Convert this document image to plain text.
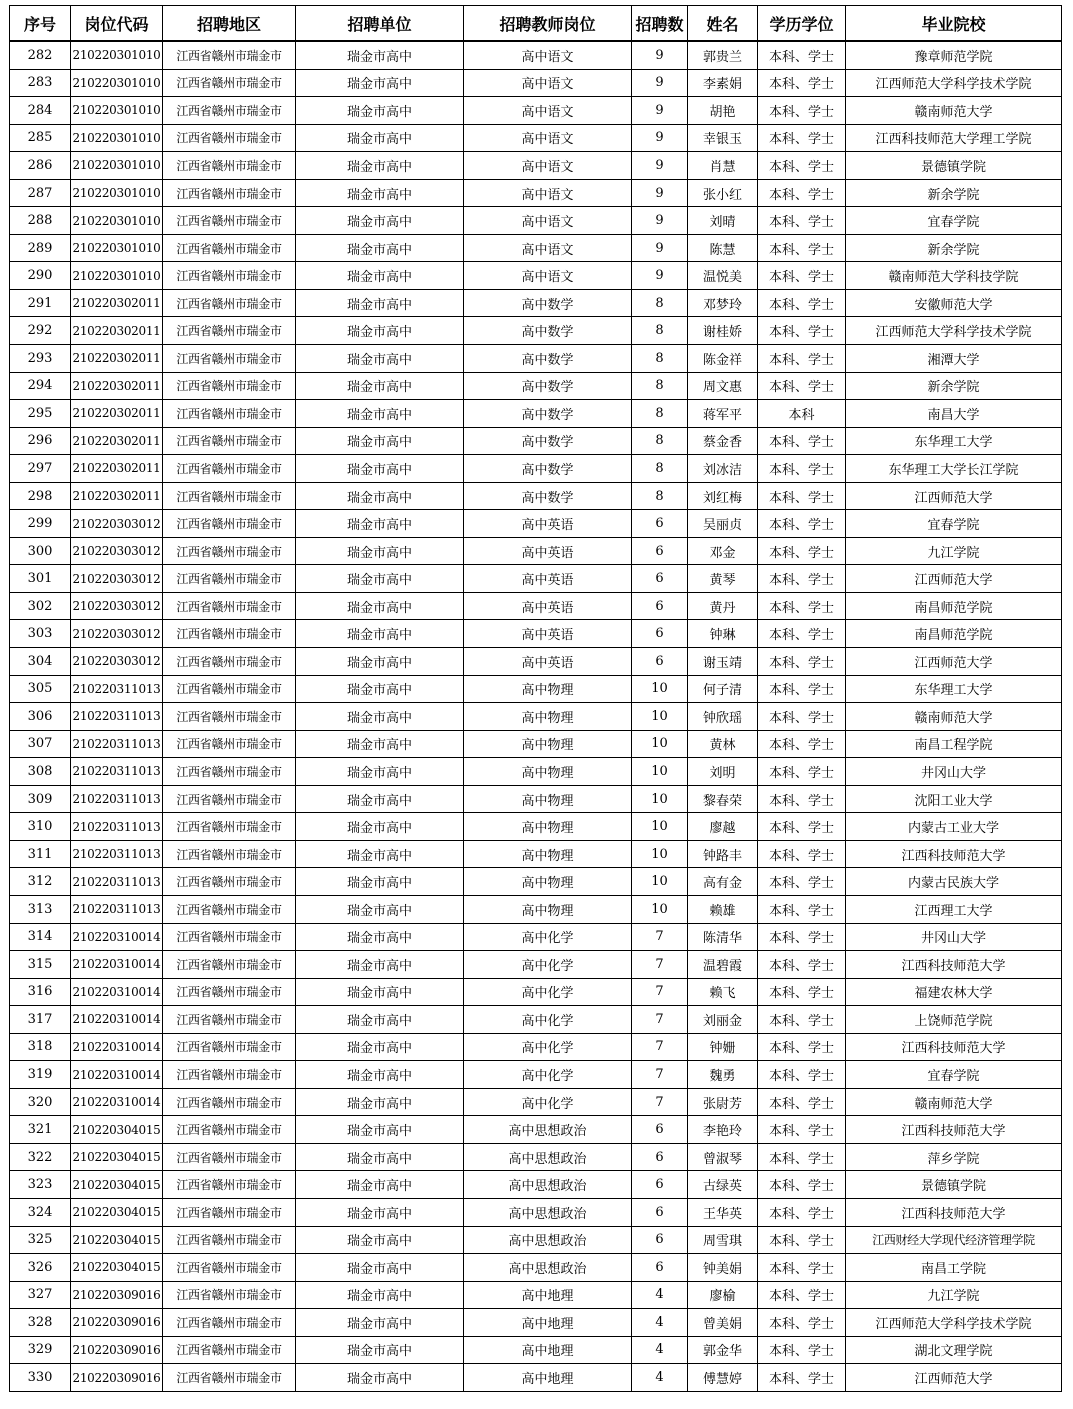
序号	岗位代码	招聘地区	招聘单位	招聘教师岗位	招聘数	姓名	学历学位	毕业院校
282	210220301010	江西省赣州市瑞金市	瑞金市高中	高中语文	9	郭贵兰	本科、学士	豫章师范学院
283	210220301010	江西省赣州市瑞金市	瑞金市高中	高中语文	9	李素娟	本科、学士	江西师范大学科学技术学院
284	210220301010	江西省赣州市瑞金市	瑞金市高中	高中语文	9	胡艳	本科、学士	赣南师范大学
285	210220301010	江西省赣州市瑞金市	瑞金市高中	高中语文	9	幸银玉	本科、学士	江西科技师范大学理工学院
286	210220301010	江西省赣州市瑞金市	瑞金市高中	高中语文	9	肖慧	本科、学士	景德镇学院
287	210220301010	江西省赣州市瑞金市	瑞金市高中	高中语文	9	张小红	本科、学士	新余学院
288	210220301010	江西省赣州市瑞金市	瑞金市高中	高中语文	9	刘晴	本科、学士	宜春学院
289	210220301010	江西省赣州市瑞金市	瑞金市高中	高中语文	9	陈慧	本科、学士	新余学院
290	210220301010	江西省赣州市瑞金市	瑞金市高中	高中语文	9	温悦美	本科、学士	赣南师范大学科技学院
291	210220302011	江西省赣州市瑞金市	瑞金市高中	高中数学	8	邓梦玲	本科、学士	安徽师范大学
292	210220302011	江西省赣州市瑞金市	瑞金市高中	高中数学	8	谢桂娇	本科、学士	江西师范大学科学技术学院
293	210220302011	江西省赣州市瑞金市	瑞金市高中	高中数学	8	陈金祥	本科、学士	湘潭大学
294	210220302011	江西省赣州市瑞金市	瑞金市高中	高中数学	8	周文惠	本科、学士	新余学院
295	210220302011	江西省赣州市瑞金市	瑞金市高中	高中数学	8	蒋军平	本科	南昌大学
296	210220302011	江西省赣州市瑞金市	瑞金市高中	高中数学	8	蔡金香	本科、学士	东华理工大学
297	210220302011	江西省赣州市瑞金市	瑞金市高中	高中数学	8	刘冰洁	本科、学士	东华理工大学长江学院
298	210220302011	江西省赣州市瑞金市	瑞金市高中	高中数学	8	刘红梅	本科、学士	江西师范大学
299	210220303012	江西省赣州市瑞金市	瑞金市高中	高中英语	6	吴丽贞	本科、学士	宜春学院
300	210220303012	江西省赣州市瑞金市	瑞金市高中	高中英语	6	邓金	本科、学士	九江学院
301	210220303012	江西省赣州市瑞金市	瑞金市高中	高中英语	6	黄琴	本科、学士	江西师范大学
302	210220303012	江西省赣州市瑞金市	瑞金市高中	高中英语	6	黄丹	本科、学士	南昌师范学院
303	210220303012	江西省赣州市瑞金市	瑞金市高中	高中英语	6	钟琳	本科、学士	南昌师范学院
304	210220303012	江西省赣州市瑞金市	瑞金市高中	高中英语	6	谢玉靖	本科、学士	江西师范大学
305	210220311013	江西省赣州市瑞金市	瑞金市高中	高中物理	10	何子清	本科、学士	东华理工大学
306	210220311013	江西省赣州市瑞金市	瑞金市高中	高中物理	10	钟欣瑶	本科、学士	赣南师范大学
307	210220311013	江西省赣州市瑞金市	瑞金市高中	高中物理	10	黄林	本科、学士	南昌工程学院
308	210220311013	江西省赣州市瑞金市	瑞金市高中	高中物理	10	刘明	本科、学士	井冈山大学
309	210220311013	江西省赣州市瑞金市	瑞金市高中	高中物理	10	黎春荣	本科、学士	沈阳工业大学
310	210220311013	江西省赣州市瑞金市	瑞金市高中	高中物理	10	廖越	本科、学士	内蒙古工业大学
311	210220311013	江西省赣州市瑞金市	瑞金市高中	高中物理	10	钟路丰	本科、学士	江西科技师范大学
312	210220311013	江西省赣州市瑞金市	瑞金市高中	高中物理	10	高有金	本科、学士	内蒙古民族大学
313	210220311013	江西省赣州市瑞金市	瑞金市高中	高中物理	10	赖雄	本科、学士	江西理工大学
314	210220310014	江西省赣州市瑞金市	瑞金市高中	高中化学	7	陈清华	本科、学士	井冈山大学
315	210220310014	江西省赣州市瑞金市	瑞金市高中	高中化学	7	温碧霞	本科、学士	江西科技师范大学
316	210220310014	江西省赣州市瑞金市	瑞金市高中	高中化学	7	赖飞	本科、学士	福建农林大学
317	210220310014	江西省赣州市瑞金市	瑞金市高中	高中化学	7	刘丽金	本科、学士	上饶师范学院
318	210220310014	江西省赣州市瑞金市	瑞金市高中	高中化学	7	钟姗	本科、学士	江西科技师范大学
319	210220310014	江西省赣州市瑞金市	瑞金市高中	高中化学	7	魏勇	本科、学士	宜春学院
320	210220310014	江西省赣州市瑞金市	瑞金市高中	高中化学	7	张尉芳	本科、学士	赣南师范大学
321	210220304015	江西省赣州市瑞金市	瑞金市高中	高中思想政治	6	李艳玲	本科、学士	江西科技师范大学
322	210220304015	江西省赣州市瑞金市	瑞金市高中	高中思想政治	6	曾淑琴	本科、学士	萍乡学院
323	210220304015	江西省赣州市瑞金市	瑞金市高中	高中思想政治	6	古绿英	本科、学士	景德镇学院
324	210220304015	江西省赣州市瑞金市	瑞金市高中	高中思想政治	6	王华英	本科、学士	江西科技师范大学
325	210220304015	江西省赣州市瑞金市	瑞金市高中	高中思想政治	6	周雪琪	本科、学士	江西财经大学现代经济管理学院
326	210220304015	江西省赣州市瑞金市	瑞金市高中	高中思想政治	6	钟美娟	本科、学士	南昌工学院
327	210220309016	江西省赣州市瑞金市	瑞金市高中	高中地理	4	廖榆	本科、学士	九江学院
328	210220309016	江西省赣州市瑞金市	瑞金市高中	高中地理	4	曾美娟	本科、学士	江西师范大学科学技术学院
329	210220309016	江西省赣州市瑞金市	瑞金市高中	高中地理	4	郭金华	本科、学士	湖北文理学院
330	210220309016	江西省赣州市瑞金市	瑞金市高中	高中地理	4	傅慧婷	本科、学士	江西师范大学
